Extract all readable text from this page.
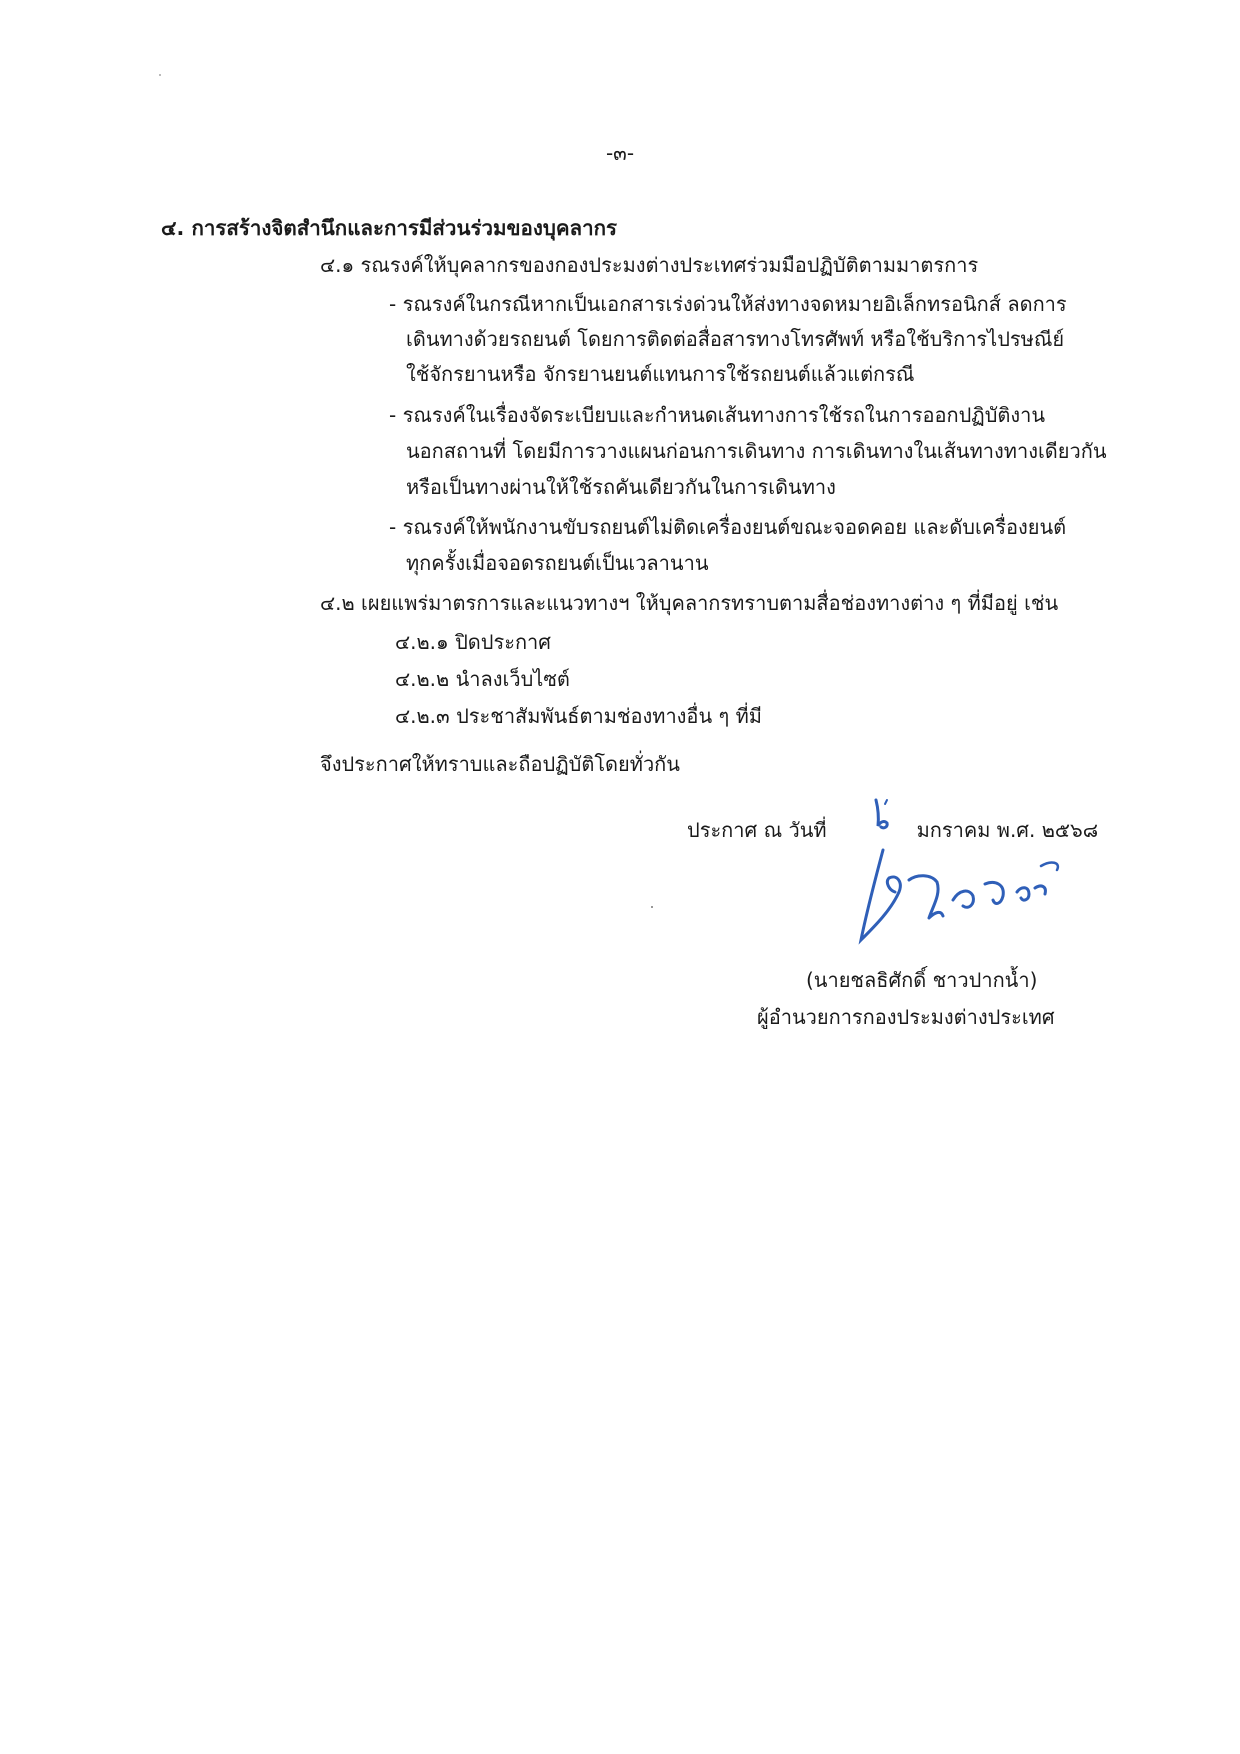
-๓-
๔. การสร้างจิตสำนึกและการมีส่วนร่วมของบุคลากร
๔.๑ รณรงค์ให้บุคลากรของกองประมงต่างประเทศร่วมมือปฏิบัติตามมาตรการ
- รณรงค์ในกรณีหากเป็นเอกสารเร่งด่วนให้ส่งทางจดหมายอิเล็กทรอนิกส์ ลดการ
เดินทางด้วยรถยนต์ โดยการติดต่อสื่อสารทางโทรศัพท์ หรือใช้บริการไปรษณีย์
ใช้จักรยานหรือ จักรยานยนต์แทนการใช้รถยนต์แล้วแต่กรณี
- รณรงค์ในเรื่องจัดระเบียบและกำหนดเส้นทางการใช้รถในการออกปฏิบัติงาน
นอกสถานที่ โดยมีการวางแผนก่อนการเดินทาง การเดินทางในเส้นทางทางเดียวกัน
หรือเป็นทางผ่านให้ใช้รถคันเดียวกันในการเดินทาง
- รณรงค์ให้พนักงานขับรถยนต์ไม่ติดเครื่องยนต์ขณะจอดคอย และดับเครื่องยนต์
ทุกครั้งเมื่อจอดรถยนต์เป็นเวลานาน
๔.๒ เผยแพร่มาตรการและแนวทางฯ ให้บุคลากรทราบตามสื่อช่องทางต่าง ๆ ที่มีอยู่ เช่น
๔.๒.๑ ปิดประกาศ
๔.๒.๒ นำลงเว็บไซต์
๔.๒.๓ ประชาสัมพันธ์ตามช่องทางอื่น ๆ ที่มี
จึงประกาศให้ทราบและถือปฏิบัติโดยทั่วกัน
ประกาศ ณ วันที่	มกราคม พ.ศ. ๒๕๖๘
(นายชลธิศักดิ์ ชาวปากน้ำ)
ผู้อำนวยการกองประมงต่างประเทศ
